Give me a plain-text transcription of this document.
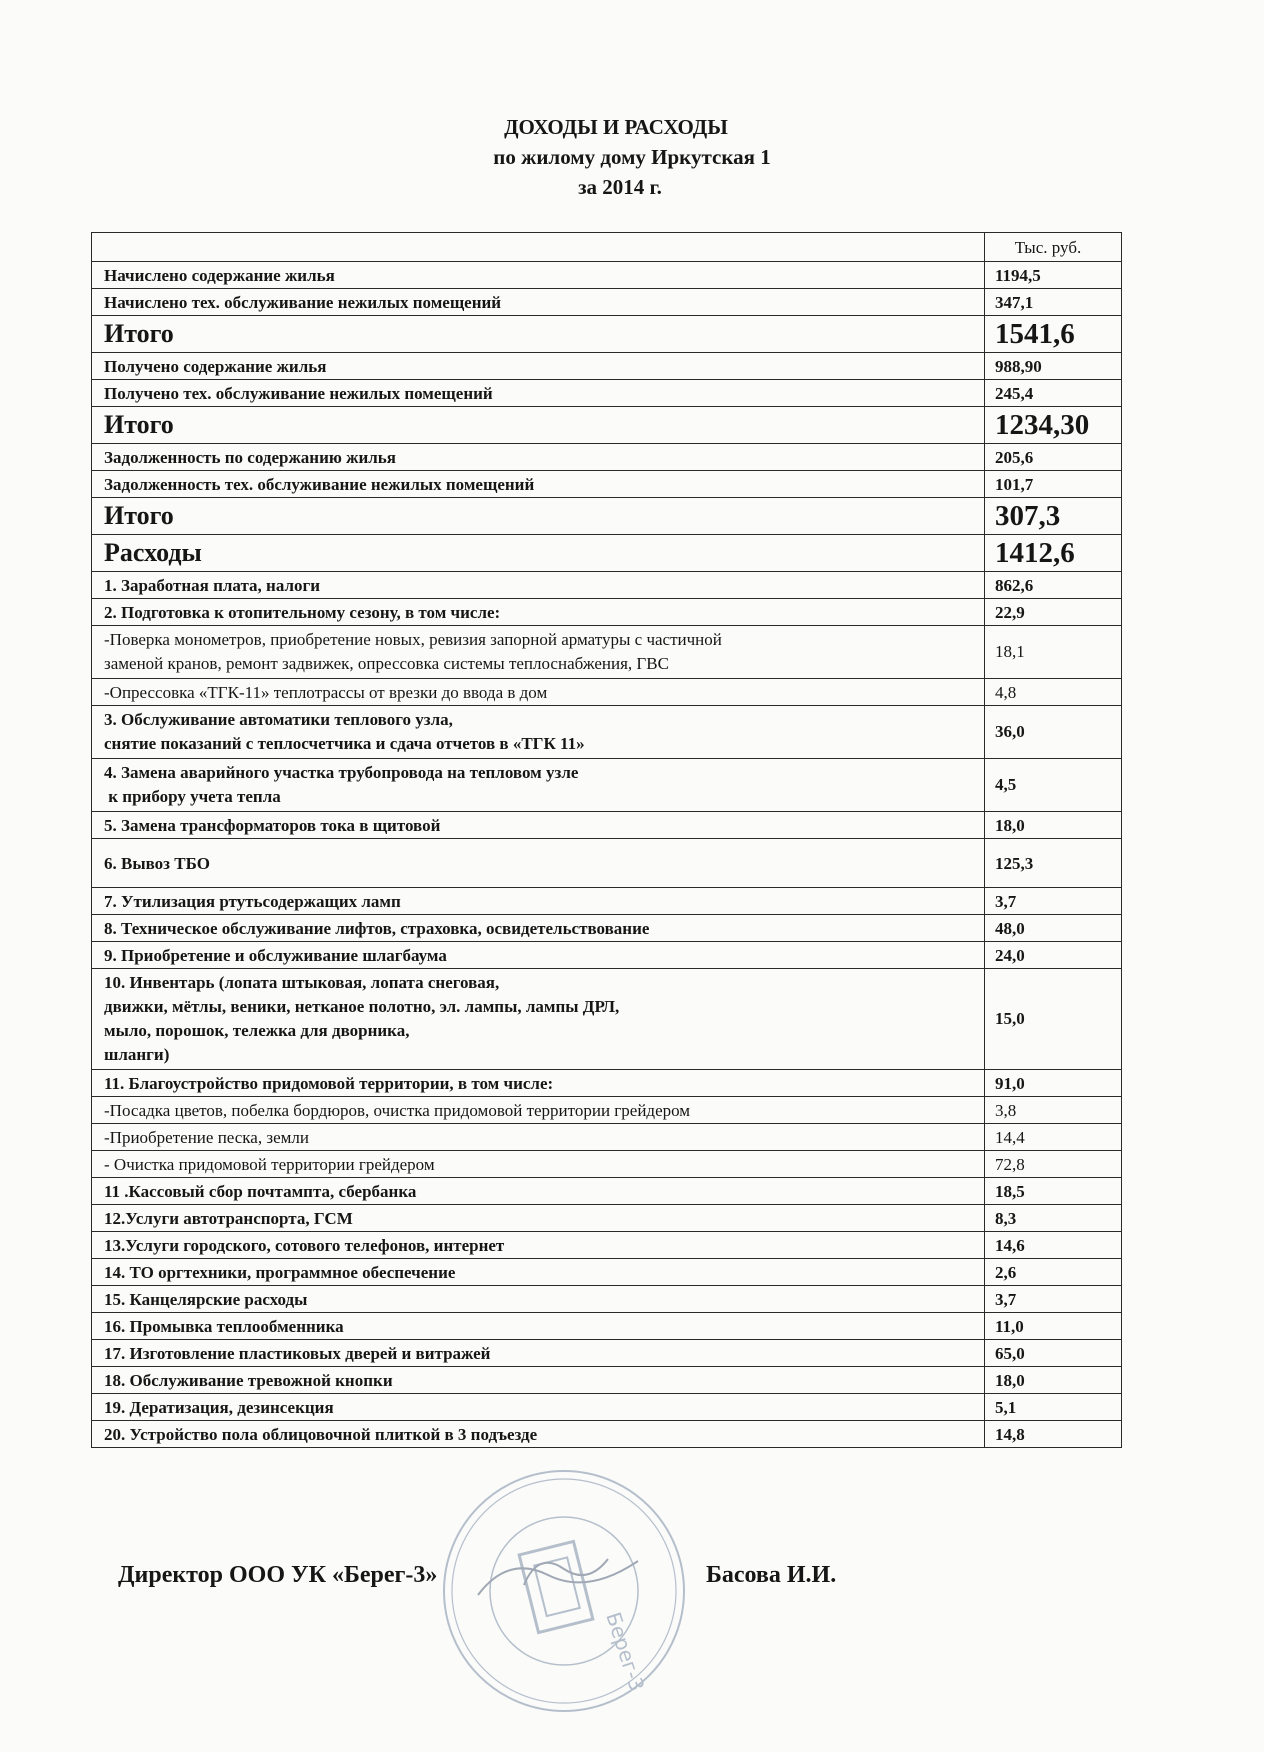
ДОХОДЫ И РАСХОДЫ
по жилому дому Иркутская 1
за 2014 г.
	Тыс. руб.
Начислено содержание жилья	1194,5
Начислено тех. обслуживание нежилых помещений	347,1
Итого	1541,6
Получено содержание жилья	988,90
Получено тех. обслуживание нежилых помещений	245,4
Итого	1234,30
Задолженность по содержанию жилья	205,6
Задолженность тех. обслуживание нежилых помещений	101,7
Итого	307,3
Расходы	1412,6
1. Заработная плата, налоги	862,6
2. Подготовка к отопительному сезону, в том числе:	22,9
-Поверка монометров, приобретение новых, ревизия запорной арматуры с частичной
заменой кранов, ремонт задвижек, опрессовка системы теплоснабжения, ГВС	18,1
-Опрессовка «ТГК-11» теплотрассы от врезки до ввода в дом	4,8
3. Обслуживание автоматики теплового узла,
снятие показаний с теплосчетчика и сдача отчетов в «ТГК 11»	36,0
4. Замена аварийного участка трубопровода на тепловом узле
к прибору учета тепла	4,5
5. Замена трансформаторов тока в щитовой	18,0
6. Вывоз ТБО	125,3
7. Утилизация ртутьсодержащих ламп	3,7
8. Техническое обслуживание лифтов, страховка, освидетельствование	48,0
9. Приобретение и обслуживание шлагбаума	24,0
10. Инвентарь (лопата штыковая, лопата снеговая,
движки, мётлы, веники, нетканое полотно, эл. лампы, лампы ДРЛ,
мыло, порошок, тележка для дворника,
шланги)	15,0
11. Благоустройство придомовой территории, в том числе:	91,0
-Посадка цветов, побелка бордюров, очистка придомовой территории грейдером	3,8
-Приобретение песка, земли	14,4
- Очистка придомовой территории грейдером	72,8
11 .Кассовый сбор почтампта, сбербанка	18,5
12.Услуги автотранспорта, ГСМ	8,3
13.Услуги городского, сотового телефонов, интернет	14,6
14. ТО оргтехники, программное обеспечение	2,6
15. Канцелярские расходы	3,7
16. Промывка теплообменника	11,0
17. Изготовление пластиковых дверей и витражей	65,0
18. Обслуживание тревожной кнопки	18,0
19. Дератизация, дезинсекция	5,1
20. Устройство пола облицовочной плиткой в 3 подъезде	14,8
Берег-3
Директор ООО УК «Берег-3»	Басова И.И.
